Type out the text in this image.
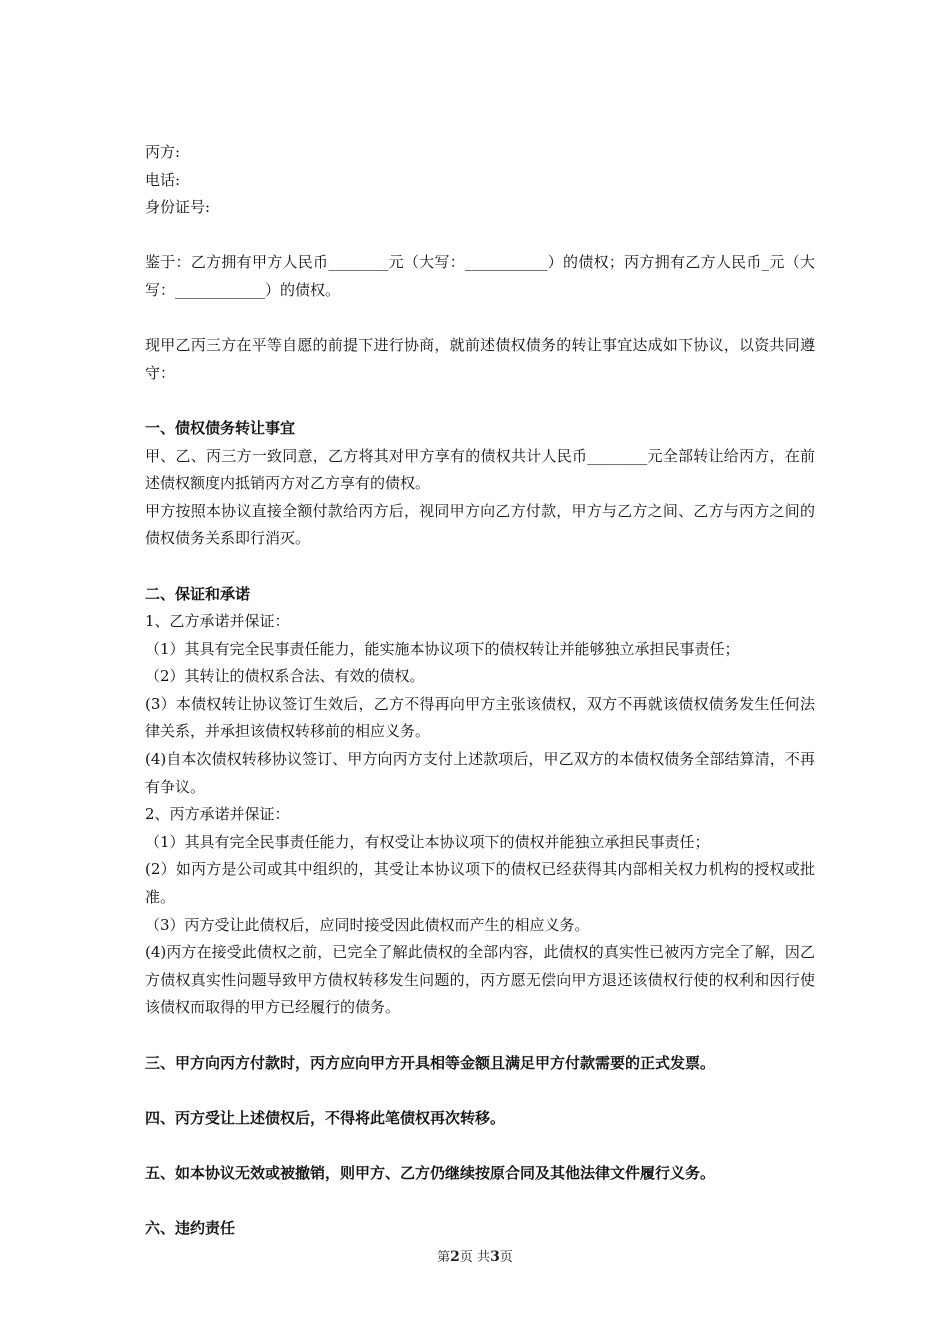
丙方:

电话:

身份证号:

鉴于：乙方拥有甲方人民币________元（大写：___________）的债权；丙方拥有乙方人民币_元（大写：____________）的债权。

现甲乙丙三方在平等自愿的前提下进行协商，就前述债权债务的转让事宜达成如下协议，以资共同遵守：

一、债权债务转让事宜

甲、乙、丙三方一致同意，乙方将其对甲方享有的债权共计人民币________元全部转让给丙方，在前述债权额度内抵销丙方对乙方享有的债权。

甲方按照本协议直接全额付款给丙方后，视同甲方向乙方付款，甲方与乙方之间、乙方与丙方之间的债权债务关系即行消灭。

二、保证和承诺

1、乙方承诺并保证：

（1）其具有完全民事责任能力，能实施本协议项下的债权转让并能够独立承担民事责任；

（2）其转让的债权系合法、有效的债权。

(3）本债权转让协议签订生效后，乙方不得再向甲方主张该债权，双方不再就该债权债务发生任何法律关系，并承担该债权转移前的相应义务。

(4)自本次债权转移协议签订、甲方向丙方支付上述款项后，甲乙双方的本债权债务全部结算清，不再有争议。

2、丙方承诺并保证：

（1）其具有完全民事责任能力，有权受让本协议项下的债权并能独立承担民事责任；

(2）如丙方是公司或其中组织的，其受让本协议项下的债权已经获得其内部相关权力机构的授权或批准。

（3）丙方受让此债权后，应同时接受因此债权而产生的相应义务。

(4)丙方在接受此债权之前，已完全了解此债权的全部内容，此债权的真实性已被丙方完全了解，因乙方债权真实性问题导致甲方债权转移发生问题的，丙方愿无偿向甲方退还该债权行使的权利和因行使该债权而取得的甲方已经履行的债务。

三、甲方向丙方付款时，丙方应向甲方开具相等金额且满足甲方付款需要的正式发票。

四、丙方受让上述债权后，不得将此笔债权再次转移。

五、如本协议无效或被撤销，则甲方、乙方仍继续按原合同及其他法律文件履行义务。

六、违约责任

第2页 共3页
